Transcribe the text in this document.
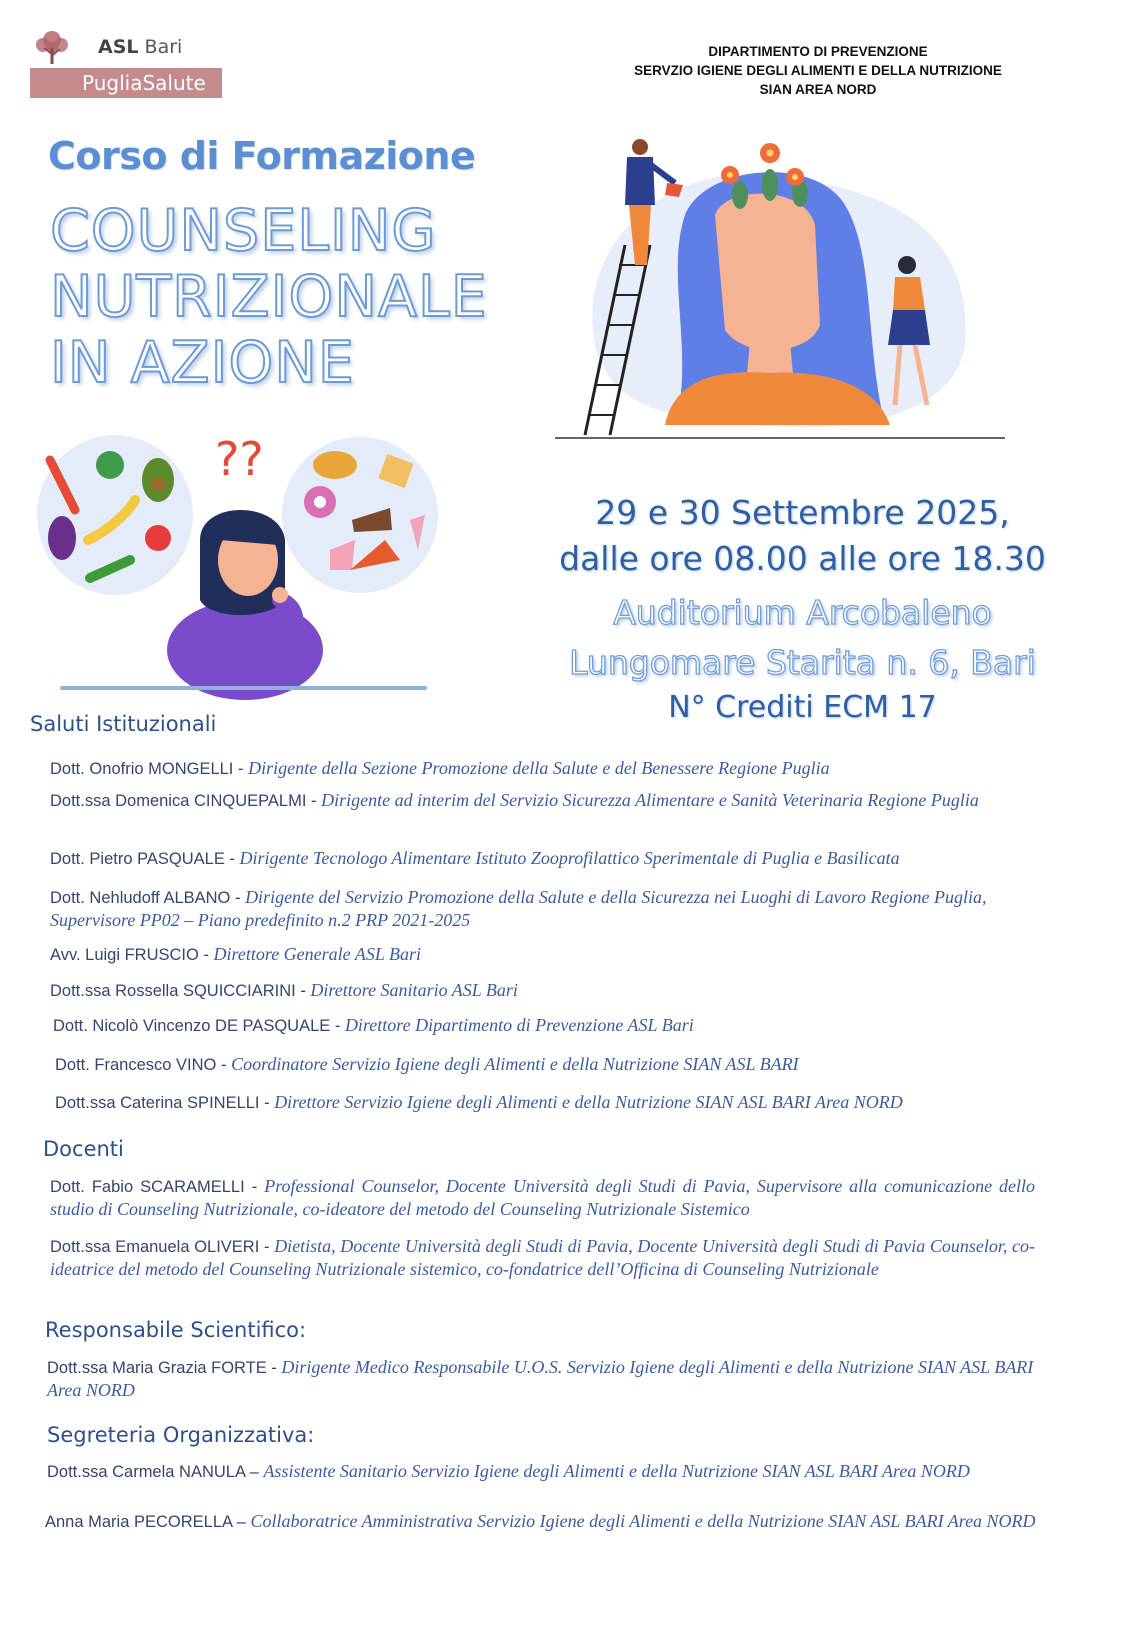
ASL Bari
PugliaSalute
DIPARTIMENTO DI PREVENZIONE
SERVZIO IGIENE DEGLI ALIMENTI E DELLA NUTRIZIONE
SIAN AREA NORD
Corso di Formazione
COUNSELING
NUTRIZIONALE
IN AZIONE
??
29 e 30 Settembre 2025,
dalle ore 08.00 alle ore 18.30
Auditorium Arcobaleno
Lungomare Starita n. 6, Bari
N° Crediti ECM 17
Saluti Istituzionali
Dott. Onofrio MONGELLI - Dirigente della Sezione Promozione della Salute e del Benessere Regione Puglia
Dott.ssa Domenica CINQUEPALMI - Dirigente ad interim del Servizio Sicurezza Alimentare e Sanità Veterinaria Regione Puglia
Dott. Pietro PASQUALE - Dirigente Tecnologo Alimentare Istituto Zooprofilattico Sperimentale di Puglia e Basilicata
Dott. Nehludoff ALBANO - Dirigente del Servizio Promozione della Salute e della Sicurezza nei Luoghi di Lavoro Regione Puglia, Supervisore PP02 – Piano predefinito n.2 PRP 2021-2025
Avv. Luigi FRUSCIO - Direttore Generale ASL Bari
Dott.ssa Rossella SQUICCIARINI - Direttore Sanitario ASL Bari
Dott. Nicolò Vincenzo DE PASQUALE - Direttore Dipartimento di Prevenzione ASL Bari
Dott. Francesco VINO - Coordinatore Servizio Igiene degli Alimenti e della Nutrizione SIAN ASL BARI
Dott.ssa Caterina SPINELLI - Direttore Servizio Igiene degli Alimenti e della Nutrizione SIAN ASL BARI Area NORD
Docenti
Dott. Fabio SCARAMELLI - Professional Counselor, Docente Università degli Studi di Pavia, Supervisore alla comunicazione dello studio di Counseling Nutrizionale, co-ideatore del metodo del Counseling Nutrizionale Sistemico
Dott.ssa Emanuela OLIVERI - Dietista, Docente Università degli Studi di Pavia, Docente Università degli Studi di Pavia Counselor, co-ideatrice del metodo del Counseling Nutrizionale sistemico, co-fondatrice dell’Officina di Counseling Nutrizionale
Responsabile Scientifico:
Dott.ssa Maria Grazia FORTE - Dirigente Medico Responsabile U.O.S. Servizio Igiene degli Alimenti e della Nutrizione SIAN ASL BARI Area NORD
Segreteria Organizzativa:
Dott.ssa Carmela NANULA – Assistente Sanitario Servizio Igiene degli Alimenti e della Nutrizione SIAN ASL BARI Area NORD
Anna Maria PECORELLA – Collaboratrice Amministrativa Servizio Igiene degli Alimenti e della Nutrizione SIAN ASL BARI Area NORD
